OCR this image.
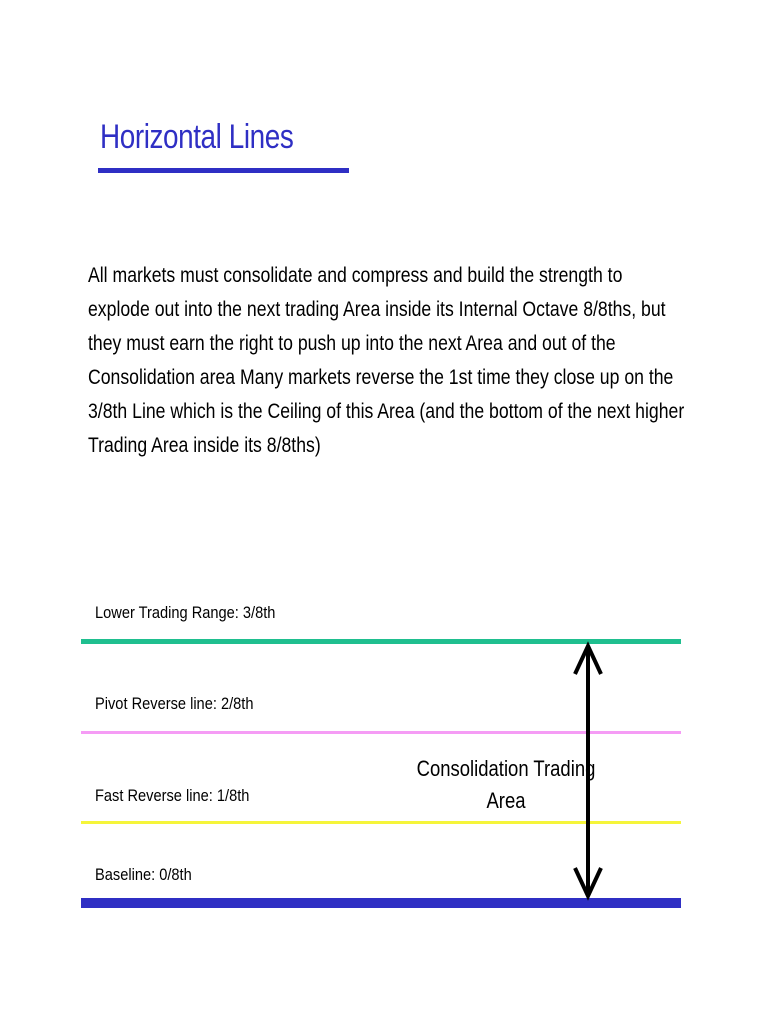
Horizontal Lines

All markets must consolidate and compress and build the strength to explode out into the next trading Area inside its Internal Octave 8/8ths, but they must earn the right to push up into the next Area and out of the Consolidation area Many markets reverse the 1st time they close up on the 3/8th Line which is the Ceiling of this Area (and the bottom of the next higher Trading Area inside its 8/8ths)

Lower Trading Range: 3/8th
Pivot Reverse line: 2/8th
Fast Reverse line: 1/8th
Baseline: 0/8th
Consolidation Trading Area
